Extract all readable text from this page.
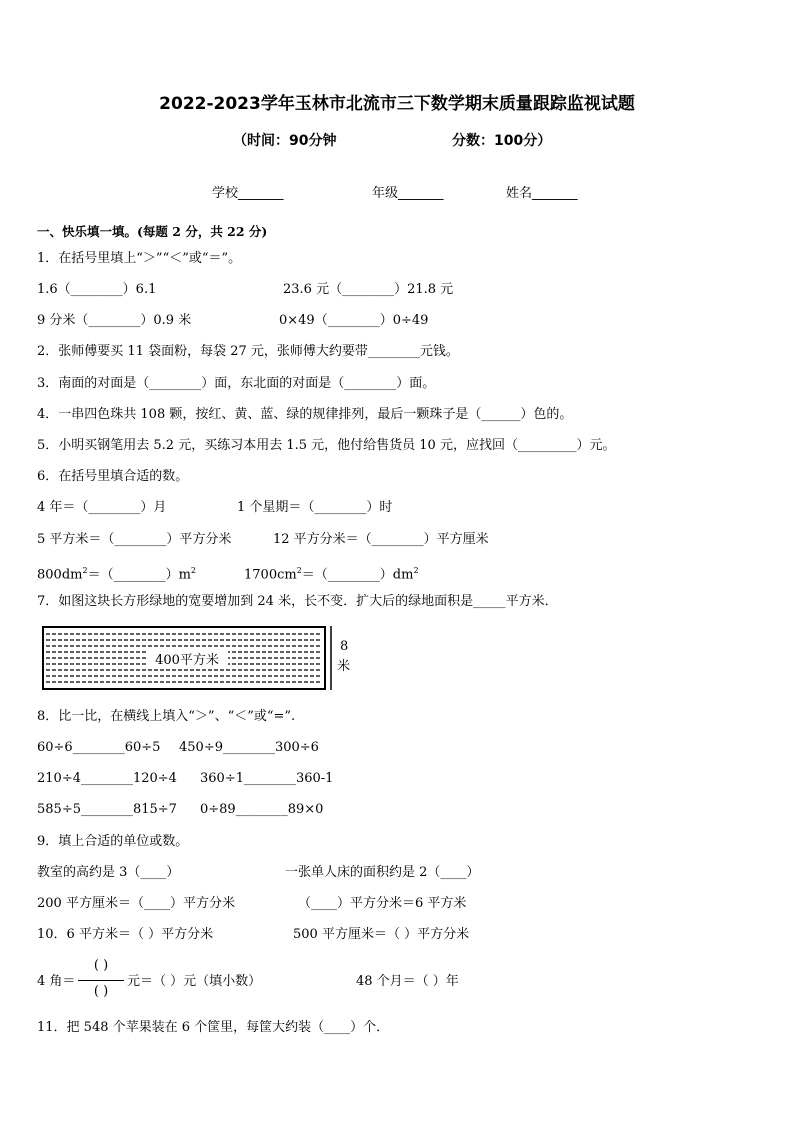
2022-2023学年玉林市北流市三下数学期末质量跟踪监视试题
（时间：90分钟	分数：100分）
学校_______	年级_______	姓名_______
一、快乐填一填。(每题 2 分，共 22 分)
1．在括号里填上“＞”“＜”或“＝”。
1.6（________）6.1	23.6 元（________）21.8 元
9 分米（________）0.9 米	0×49（________）0÷49
2．张师傅要买 11 袋面粉，每袋 27 元，张师傅大约要带________元钱。
3．南面的对面是（________）面，东北面的对面是（________）面。
4．一串四色珠共 108 颗，按红、黄、蓝、绿的规律排列，最后一颗珠子是（______）色的。
5．小明买钢笔用去 5.2 元，买练习本用去 1.5 元，他付给售货员 10 元，应找回（_________）元。
6．在括号里填合适的数。
4 年＝（________）月	1 个星期＝（________）时
5 平方米＝（________）平方分米	12 平方分米＝（________）平方厘米
$800dm^2=(\_\_\_\_\_\_\_\_)m^2$	$1700cm^2=(\_\_\_\_\_\_\_\_)dm^2$
7．如图这块长方形绿地的宽要增加到 24 米，长不变．扩大后的绿地面积是_____平方米．
400平方米
8
米
8．比一比，在横线上填入“＞”、“＜”或“=”.
60÷6________60÷5 450÷9________300÷6
210÷4________120÷4 360÷1________360-1
585÷5________815÷7 0÷89________89×0
9．填上合适的单位或数。
教室的高约是 3（____）	一张单人床的面积约是 2（____）
200 平方厘米＝（____）平方分米	（____）平方分米＝6 平方米
10．6 平方米＝（ ）平方分米	500 平方厘米＝（ ）平方分米
4 角＝
( )
( )
元＝（ ）元（填小数）	48 个月＝（ ）年
11．把 548 个苹果装在 6 个筐里，每筐大约装（____）个．
